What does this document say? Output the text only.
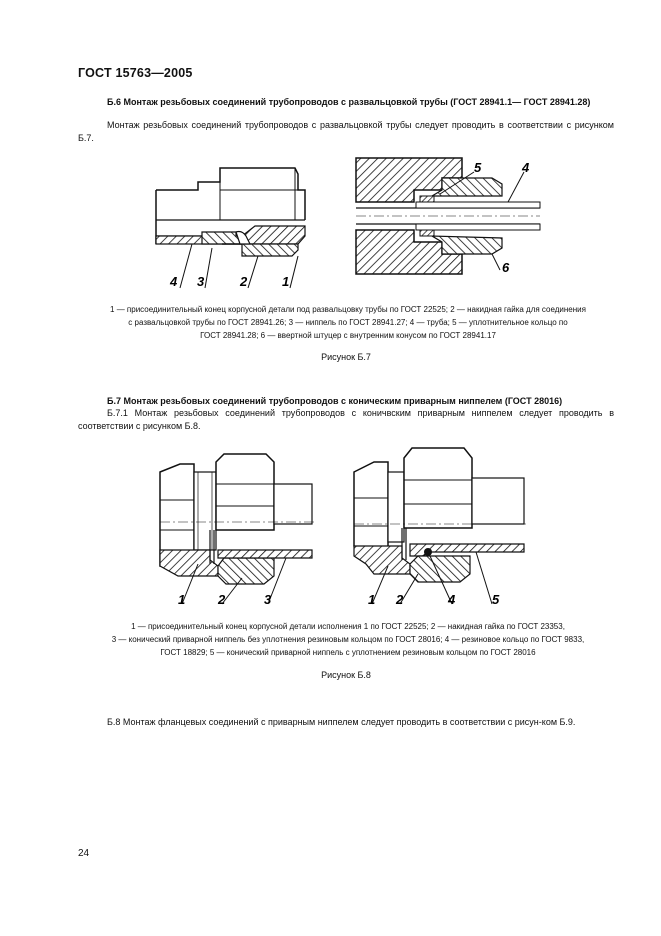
ГОСТ 15763—2005
Б.6 Монтаж резьбовых соединений трубопроводов с развальцовкой трубы (ГОСТ 28941.1— ГОСТ 28941.28)
Монтаж резьбовых соединений трубопроводов с развальцовкой трубы следует проводить в соответствии с рисунком Б.7.
4 3	2	1
5	4
6
1 — присоединительный конец корпусной детали под развальцовку трубы по ГОСТ 22525; 2 — накидная гайка для соединения
с развальцовкой трубы по ГОСТ 28941.26; 3 — ниппель по ГОСТ 28941.27; 4 — труба; 5 — уплотнительное кольцо по
ГОСТ 28941.28; 6 — ввертной штуцер с внутренним конусом по ГОСТ 28941.17
Рисунок Б.7
Б.7 Монтаж резьбовых соединений трубопроводов с коническим приварным ниппелем (ГОСТ 28016)
Б.7.1 Монтаж резьбовых соединений трубопроводов с коничвским приварным ниппелем следует проводить в соответствии с рисунком Б.8.
1	2	3	1 2	4	5
1 — присоединительный конец корпусной детали исполнения 1 по ГОСТ 22525; 2 — накидная гайка по ГОСТ 23353,
3 — конический приварной ниппель без уплотнения резиновым кольцом по ГОСТ 28016; 4 — резиновое кольцо по ГОСТ 9833,
ГОСТ 18829; 5 — конический приварной ниппель с уплотнением резиновым кольцом по ГОСТ 28016
Рисунок Б.8
Б.8 Монтаж фланцевых соединений с приварным ниппелем следует проводить в соответствии с рисун-ком Б.9.
24
